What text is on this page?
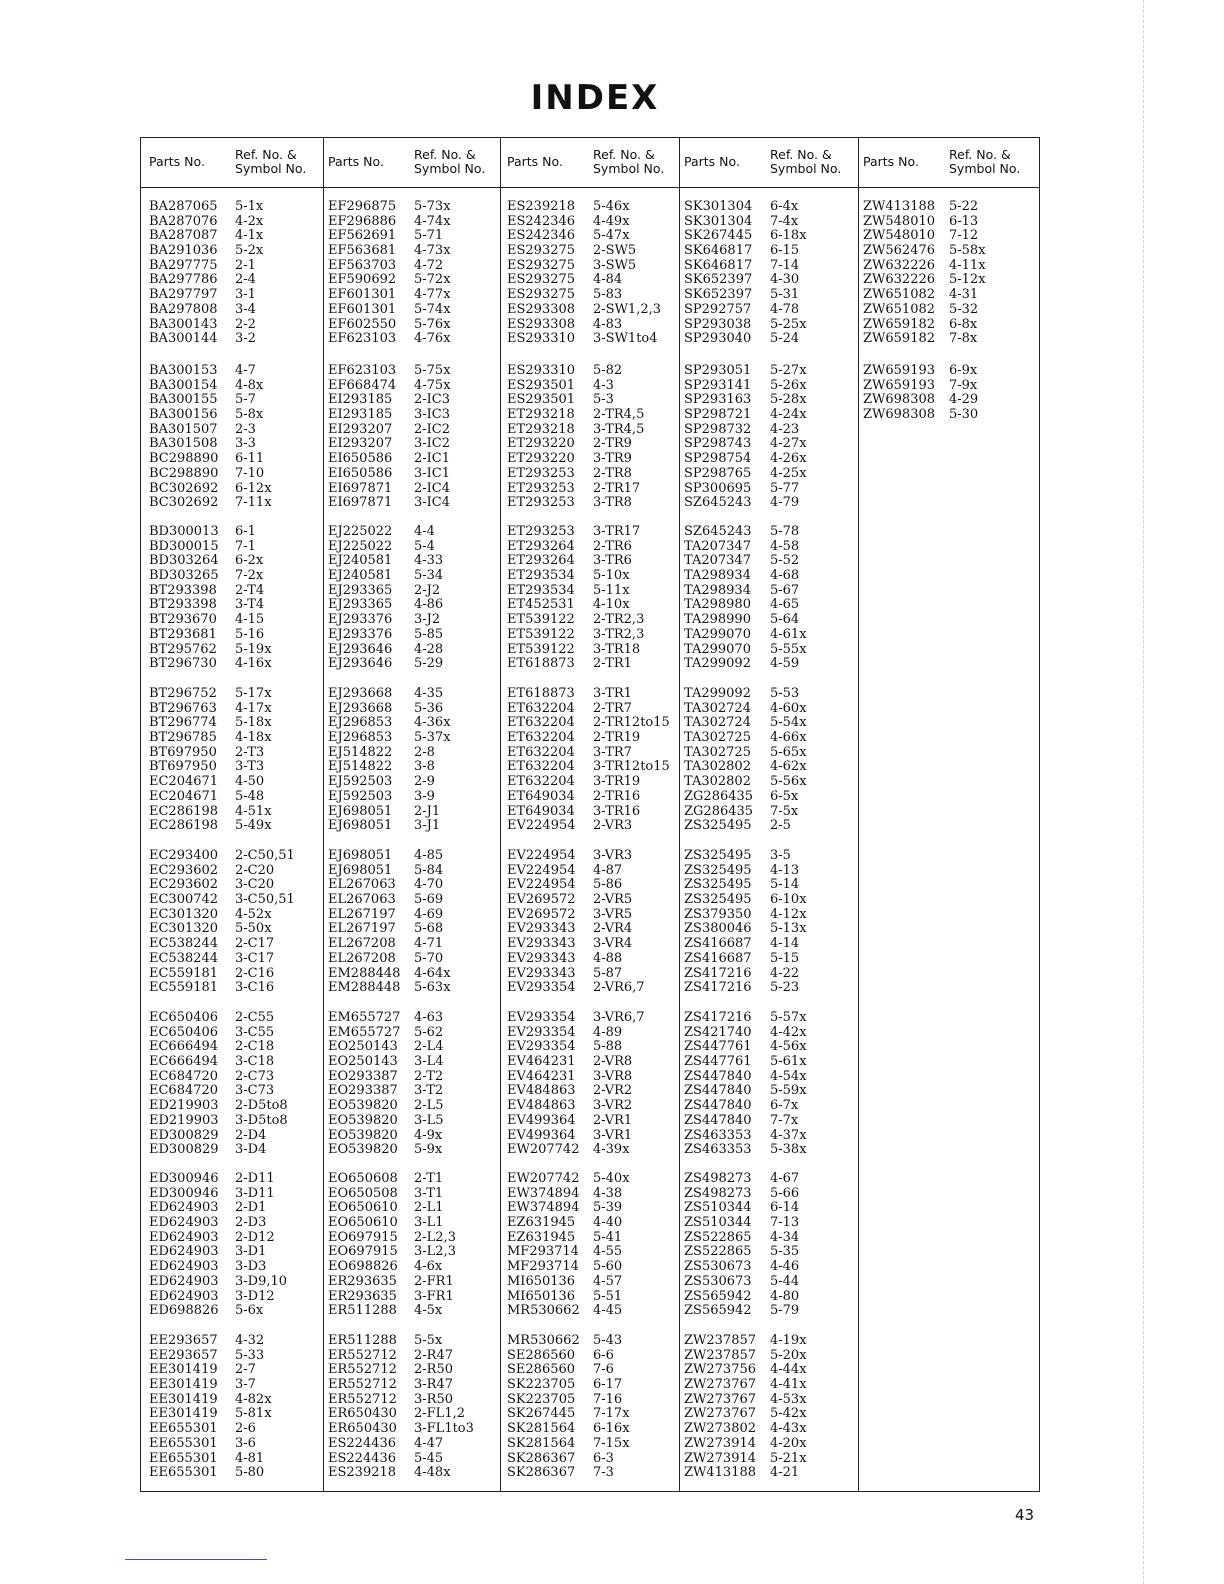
INDEX
Parts No. Ref. No. &
Symbol No. Parts No. Ref. No. &
Symbol No. Parts No. Ref. No. &
Symbol No. Parts No. Ref. No. &
Symbol No. Parts No. Ref. No. &
Symbol No.
BA287065 5-1x
BA287076 4-2x
BA287087 4-1x
BA291036 5-2x
BA297775 2-1
BA297786 2-4
BA297797 3-1
BA297808 3-4
BA300143 2-2
BA300144 3-2
BA300153 4-7
BA300154 4-8x
BA300155 5-7
BA300156 5-8x
BA301507 2-3
BA301508 3-3
BC298890 6-11
BC298890 7-10
BC302692 6-12x
BC302692 7-11x
BD300013 6-1
BD300015 7-1
BD303264 6-2x
BD303265 7-2x
BT293398 2-T4
BT293398 3-T4
BT293670 4-15
BT293681 5-16
BT295762 5-19x
BT296730 4-16x
BT296752 5-17x
BT296763 4-17x
BT296774 5-18x
BT296785 4-18x
BT697950 2-T3
BT697950 3-T3
EC204671 4-50
EC204671 5-48
EC286198 4-51x
EC286198 5-49x
EC293400 2-C50,51
EC293602 2-C20
EC293602 3-C20
EC300742 3-C50,51
EC301320 4-52x
EC301320 5-50x
EC538244 2-C17
EC538244 3-C17
EC559181 2-C16
EC559181 3-C16
EC650406 2-C55
EC650406 3-C55
EC666494 2-C18
EC666494 3-C18
EC684720 2-C73
EC684720 3-C73
ED219903 2-D5to8
ED219903 3-D5to8
ED300829 2-D4
ED300829 3-D4
ED300946 2-D11
ED300946 3-D11
ED624903 2-D1
ED624903 2-D3
ED624903 2-D12
ED624903 3-D1
ED624903 3-D3
ED624903 3-D9,10
ED624903 3-D12
ED698826 5-6x
EE293657 4-32
EE293657 5-33
EE301419 2-7
EE301419 3-7
EE301419 4-82x
EE301419 5-81x
EE655301 2-6
EE655301 3-6
EE655301 4-81
EE655301 5-80
EF296875 5-73x
EF296886 4-74x
EF562691 5-71
EF563681 4-73x
EF563703 4-72
EF590692 5-72x
EF601301 4-77x
EF601301 5-74x
EF602550 5-76x
EF623103 4-76x
EF623103 5-75x
EF668474 4-75x
EI293185 2-IC3
EI293185 3-IC3
EI293207 2-IC2
EI293207 3-IC2
EI650586 2-IC1
EI650586 3-IC1
EI697871 2-IC4
EI697871 3-IC4
EJ225022 4-4
EJ225022 5-4
EJ240581 4-33
EJ240581 5-34
EJ293365 2-J2
EJ293365 4-86
EJ293376 3-J2
EJ293376 5-85
EJ293646 4-28
EJ293646 5-29
EJ293668 4-35
EJ293668 5-36
EJ296853 4-36x
EJ296853 5-37x
EJ514822 2-8
EJ514822 3-8
EJ592503 2-9
EJ592503 3-9
EJ698051 2-J1
EJ698051 3-J1
EJ698051 4-85
EJ698051 5-84
EL267063 4-70
EL267063 5-69
EL267197 4-69
EL267197 5-68
EL267208 4-71
EL267208 5-70
EM288448 4-64x
EM288448 5-63x
EM655727 4-63
EM655727 5-62
EO250143 2-L4
EO250143 3-L4
EO293387 2-T2
EO293387 3-T2
EO539820 2-L5
EO539820 3-L5
EO539820 4-9x
EO539820 5-9x
EO650608 2-T1
EO650508 3-T1
EO650610 2-L1
EO650610 3-L1
EO697915 2-L2,3
EO697915 3-L2,3
EO698826 4-6x
ER293635 2-FR1
ER293635 3-FR1
ER511288 4-5x
ER511288 5-5x
ER552712 2-R47
ER552712 2-R50
ER552712 3-R47
ER552712 3-R50
ER650430 2-FL1,2
ER650430 3-FL1to3
ES224436 4-47
ES224436 5-45
ES239218 4-48x
ES239218 5-46x
ES242346 4-49x
ES242346 5-47x
ES293275 2-SW5
ES293275 3-SW5
ES293275 4-84
ES293275 5-83
ES293308 2-SW1,2,3
ES293308 4-83
ES293310 3-SW1to4
ES293310 5-82
ES293501 4-3
ES293501 5-3
ET293218 2-TR4,5
ET293218 3-TR4,5
ET293220 2-TR9
ET293220 3-TR9
ET293253 2-TR8
ET293253 2-TR17
ET293253 3-TR8
ET293253 3-TR17
ET293264 2-TR6
ET293264 3-TR6
ET293534 5-10x
ET293534 5-11x
ET452531 4-10x
ET539122 2-TR2,3
ET539122 3-TR2,3
ET539122 3-TR18
ET618873 2-TR1
ET618873 3-TR1
ET632204 2-TR7
ET632204 2-TR12to15
ET632204 2-TR19
ET632204 3-TR7
ET632204 3-TR12to15
ET632204 3-TR19
ET649034 2-TR16
ET649034 3-TR16
EV224954 2-VR3
EV224954 3-VR3
EV224954 4-87
EV224954 5-86
EV269572 2-VR5
EV269572 3-VR5
EV293343 2-VR4
EV293343 3-VR4
EV293343 4-88
EV293343 5-87
EV293354 2-VR6,7
EV293354 3-VR6,7
EV293354 4-89
EV293354 5-88
EV464231 2-VR8
EV464231 3-VR8
EV484863 2-VR2
EV484863 3-VR2
EV499364 2-VR1
EV499364 3-VR1
EW207742 4-39x
EW207742 5-40x
EW374894 4-38
EW374894 5-39
EZ631945 4-40
EZ631945 5-41
MF293714 4-55
MF293714 5-60
MI650136 4-57
MI650136 5-51
MR530662 4-45
MR530662 5-43
SE286560 6-6
SE286560 7-6
SK223705 6-17
SK223705 7-16
SK267445 7-17x
SK281564 6-16x
SK281564 7-15x
SK286367 6-3
SK286367 7-3
SK301304 6-4x
SK301304 7-4x
SK267445 6-18x
SK646817 6-15
SK646817 7-14
SK652397 4-30
SK652397 5-31
SP292757 4-78
SP293038 5-25x
SP293040 5-24
SP293051 5-27x
SP293141 5-26x
SP293163 5-28x
SP298721 4-24x
SP298732 4-23
SP298743 4-27x
SP298754 4-26x
SP298765 4-25x
SP300695 5-77
SZ645243 4-79
SZ645243 5-78
TA207347 4-58
TA207347 5-52
TA298934 4-68
TA298934 5-67
TA298980 4-65
TA298990 5-64
TA299070 4-61x
TA299070 5-55x
TA299092 4-59
TA299092 5-53
TA302724 4-60x
TA302724 5-54x
TA302725 4-66x
TA302725 5-65x
TA302802 4-62x
TA302802 5-56x
ZG286435 6-5x
ZG286435 7-5x
ZS325495 2-5
ZS325495 3-5
ZS325495 4-13
ZS325495 5-14
ZS325495 6-10x
ZS379350 4-12x
ZS380046 5-13x
ZS416687 4-14
ZS416687 5-15
ZS417216 4-22
ZS417216 5-23
ZS417216 5-57x
ZS421740 4-42x
ZS447761 4-56x
ZS447761 5-61x
ZS447840 4-54x
ZS447840 5-59x
ZS447840 6-7x
ZS447840 7-7x
ZS463353 4-37x
ZS463353 5-38x
ZS498273 4-67
ZS498273 5-66
ZS510344 6-14
ZS510344 7-13
ZS522865 4-34
ZS522865 5-35
ZS530673 4-46
ZS530673 5-44
ZS565942 4-80
ZS565942 5-79
ZW237857 4-19x
ZW237857 5-20x
ZW273756 4-44x
ZW273767 4-41x
ZW273767 4-53x
ZW273767 5-42x
ZW273802 4-43x
ZW273914 4-20x
ZW273914 5-21x
ZW413188 4-21
ZW413188 5-22
ZW548010 6-13
ZW548010 7-12
ZW562476 5-58x
ZW632226 4-11x
ZW632226 5-12x
ZW651082 4-31
ZW651082 5-32
ZW659182 6-8x
ZW659182 7-8x
ZW659193 6-9x
ZW659193 7-9x
ZW698308 4-29
ZW698308 5-30
43
